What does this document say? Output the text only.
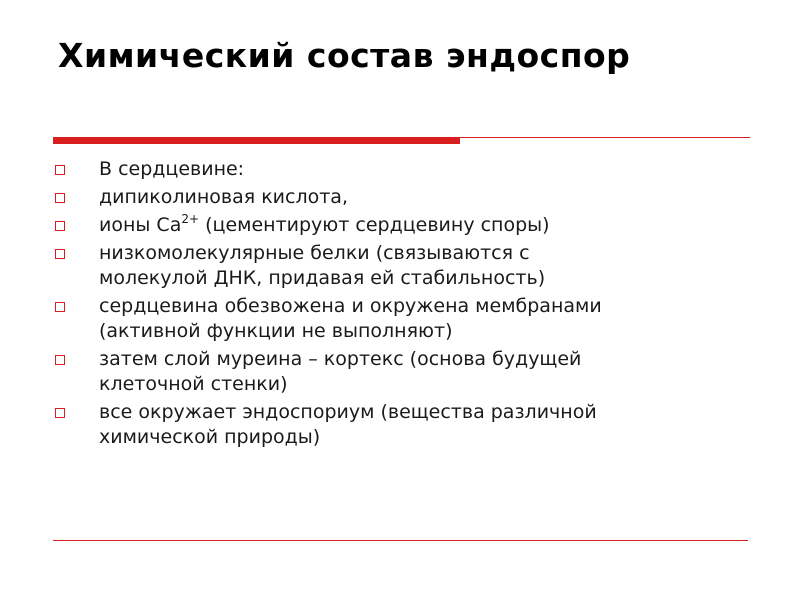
Химический состав эндоспор
В сердцевине:
дипиколиновая кислота,
ионы $Са^{2+}$ (цементируют сердцевину споры)
низкомолекулярные белки (связываются с
молекулой ДНК, придавая ей стабильность)
сердцевина обезвожена и окружена мембранами
(активной функции не выполняют)
затем слой муреина – кортекс (основа будущей
клеточной стенки)
все окружает эндоспориум (вещества различной
химической природы)
